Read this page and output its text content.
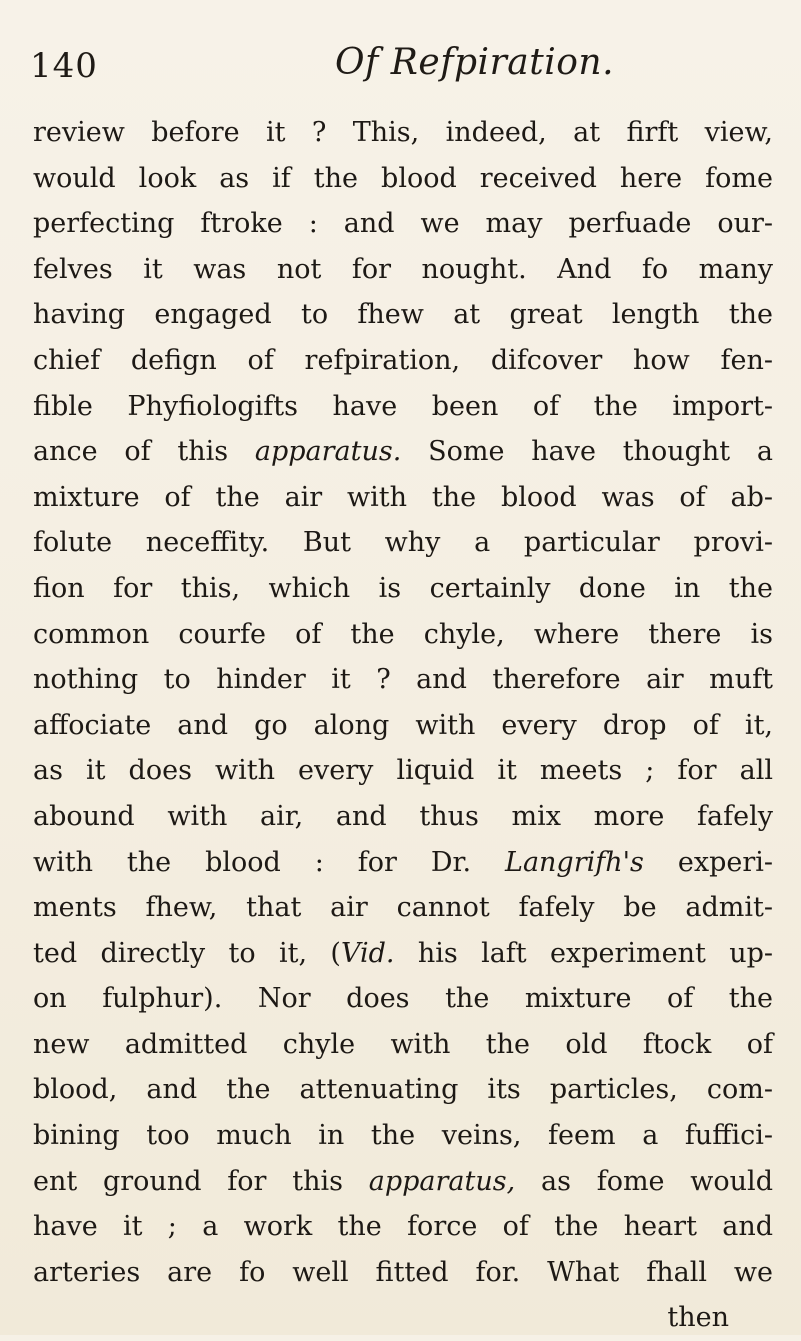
140	Of Refpiration.
review before it ? This, indeed, at firft view,
would look as if the blood received here fome
perfecting ftroke : and we may perfuade our-
felves it was not for nought. And fo many
having engaged to fhew at great length the
chief defign of refpiration, difcover how fen-
fible Phyfiologifts have been of the import-
ance of this apparatus. Some have thought a
mixture of the air with the blood was of ab-
folute neceffity. But why a particular provi-
fion for this, which is certainly done in the
common courfe of the chyle, where there is
nothing to hinder it ? and therefore air muft
affociate and go along with every drop of it,
as it does with every liquid it meets ; for all
abound with air, and thus mix more fafely
with the blood : for Dr. Langrifh's experi-
ments fhew, that air cannot fafely be admit-
ted directly to it, (Vid. his laft experiment up-
on fulphur). Nor does the mixture of the
new admitted chyle with the old ftock of
blood, and the attenuating its particles, com-
bining too much in the veins, feem a fuffici-
ent ground for this apparatus, as fome would
have it ; a work the force of the heart and
arteries are fo well fitted for. What fhall we
then
